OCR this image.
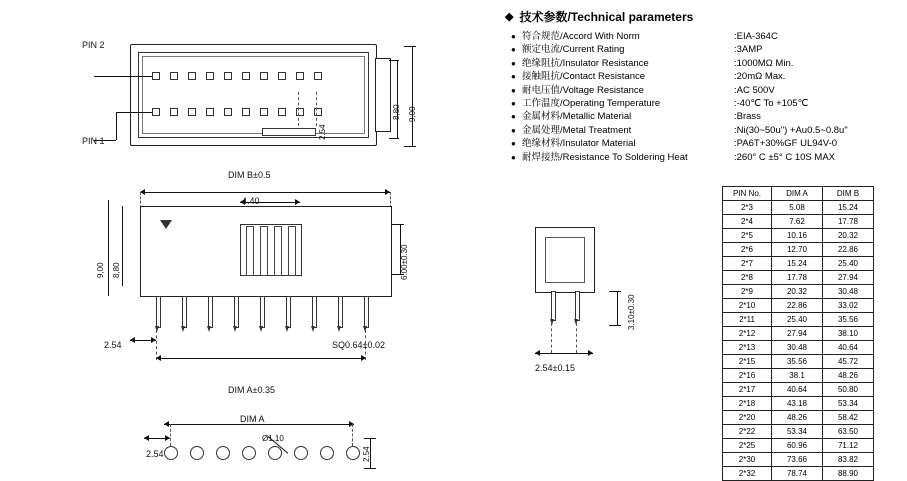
◆ 技术参数/Technical parameters
● 符合规范/Accord With Norm	:EIA-364C
● 额定电流/Current Rating	:3AMP
● 绝缘阻抗/Insulator Resistance	:1000MΩ Min.
● 接触阻抗/Contact Resistance	:20mΩ Max.
● 耐电压值/Voltage Resistance	:AC 500V
● 工作温度/Operating Temperature	:-40℃ To +105℃
● 金属材料/Metallic Material	:Brass
● 金属处理/Metal Treatment	:Ni(30~50u") +Au0.5~0.8u"
● 绝缘材料/Insulator Material	:PA6T+30%GF UL94V-0
● 耐焊接热/Resistance To Soldering Heat	:260° C ±5° C 10S MAX
PIN No.	DIM A	DIM B
2*3	5.08	15.24
2*4	7.62	17.78
2*5	10.16	20.32
2*6	12.70	22.86
2*7	15.24	25.40
2*8	17.78	27.94
2*9	20.32	30.48
2*10	22.86	33.02
2*11	25.40	35.56
2*12	27.94	38.10
2*13	30.48	40.64
2*15	35.56	45.72
2*16	38.1	48.26
2*17	40.64	50.80
2*18	43.18	53.34
2*20	48.26	58.42
2*22	53.34	63.50
2*25	60.96	71.12
2*30	73.66	83.82
2*32	78.74	88.90
2.54
PIN 2
PIN 1
8,80 9,00
DIM B±0.5
4.40
6.00±0.30
9,00 8,80
2.54	SQ0.64±0.02
DIM A±0.35
2.54±0.15
3.10±0.30
DIM A
2.54	2.54
Ø1.10
